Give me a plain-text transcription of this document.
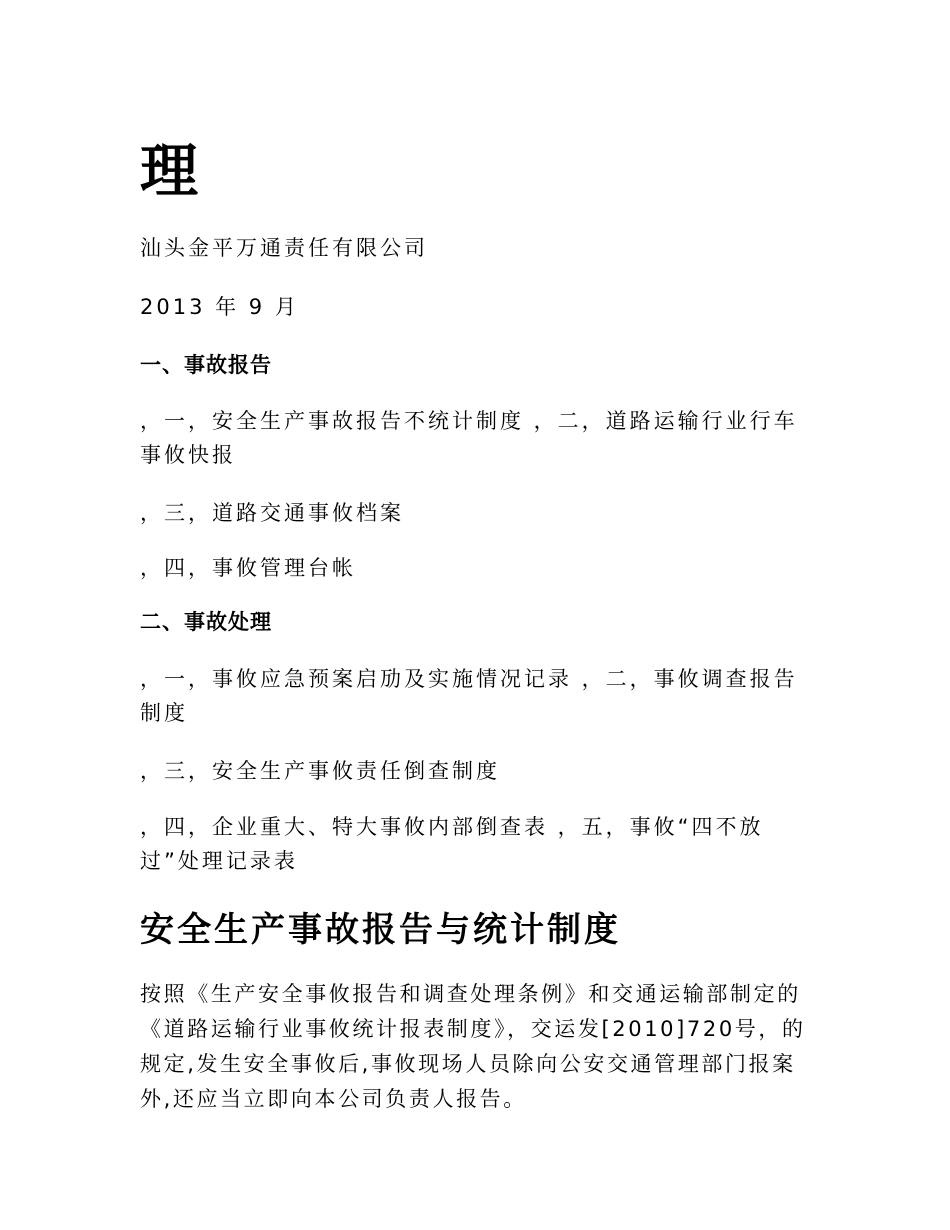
理

汕头金平万通责任有限公司

2013 年 9 月

一、事故报告

，一，安全生产事故报告不统计制度 ，二，道路运输行业行车事攸快报

，三，道路交通事攸档案

，四，事攸管理台帐

二、事故处理

，一，事攸应急预案启劢及实施情况记录 ，二，事攸调查报告制度

，三，安全生产事攸责任倒查制度

，四，企业重大、特大事攸内部倒查表 ，五，事攸“四不放过”处理记录表

安全生产事故报告与统计制度

按照《生产安全事攸报告和调查处理条例》和交通运输部制定的《道路运输行业事攸统计报表制度》，交运发[2010]720号，的规定,发生安全事攸后,事攸现场人员除向公安交通管理部门报案外,还应当立即向本公司负责人报告。
